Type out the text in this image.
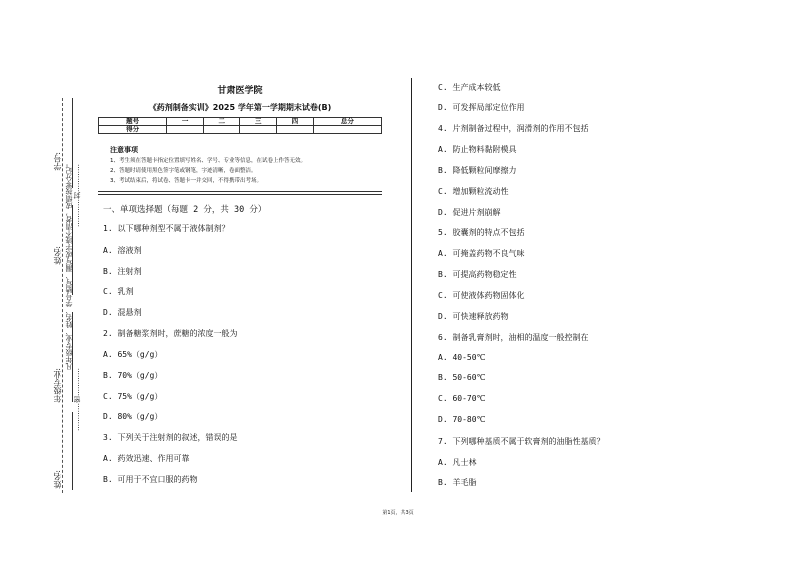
学号:
姓名:
年级专业:
姓名:
…………封…………
凡年级专业、姓名、学号错写、漏写或字迹不清者，成绩按零分记。
…………密…………
甘肃医学院
《药剂制备实训》2025 学年第一学期期末试卷(B)
题号	一	二	三	四	总分
得分					
注意事项
1、考生须在答题卡指定位置填写姓名、学号、专业等信息，在试卷上作答无效。
2、答题时请使用黑色签字笔或钢笔，字迹清晰，卷面整洁。
3、考试结束后，将试卷、答题卡一并交回，不得携带出考场。
一、单项选择题（每题 2 分，共 30 分）
1. 以下哪种剂型不属于液体制剂？
A. 溶液剂
B. 注射剂
C. 乳剂
D. 混悬剂
2. 制备糖浆剂时，蔗糖的浓度一般为
A. 65%（g/g）
B. 70%（g/g）
C. 75%（g/g）
D. 80%（g/g）
3. 下列关于注射剂的叙述，错误的是
A. 药效迅速、作用可靠
B. 可用于不宜口服的药物
C. 生产成本较低
D. 可发挥局部定位作用
4. 片剂制备过程中，润滑剂的作用不包括
A. 防止物料黏附模具
B. 降低颗粒间摩擦力
C. 增加颗粒流动性
D. 促进片剂崩解
5. 胶囊剂的特点不包括
A. 可掩盖药物不良气味
B. 可提高药物稳定性
C. 可使液体药物固体化
D. 可快速释放药物
6. 制备乳膏剂时，油相的温度一般控制在
A. 40-50℃
B. 50-60℃
C. 60-70℃
D. 70-80℃
7. 下列哪种基质不属于软膏剂的油脂性基质？
A. 凡士林
B. 羊毛脂
第1页，共3页
